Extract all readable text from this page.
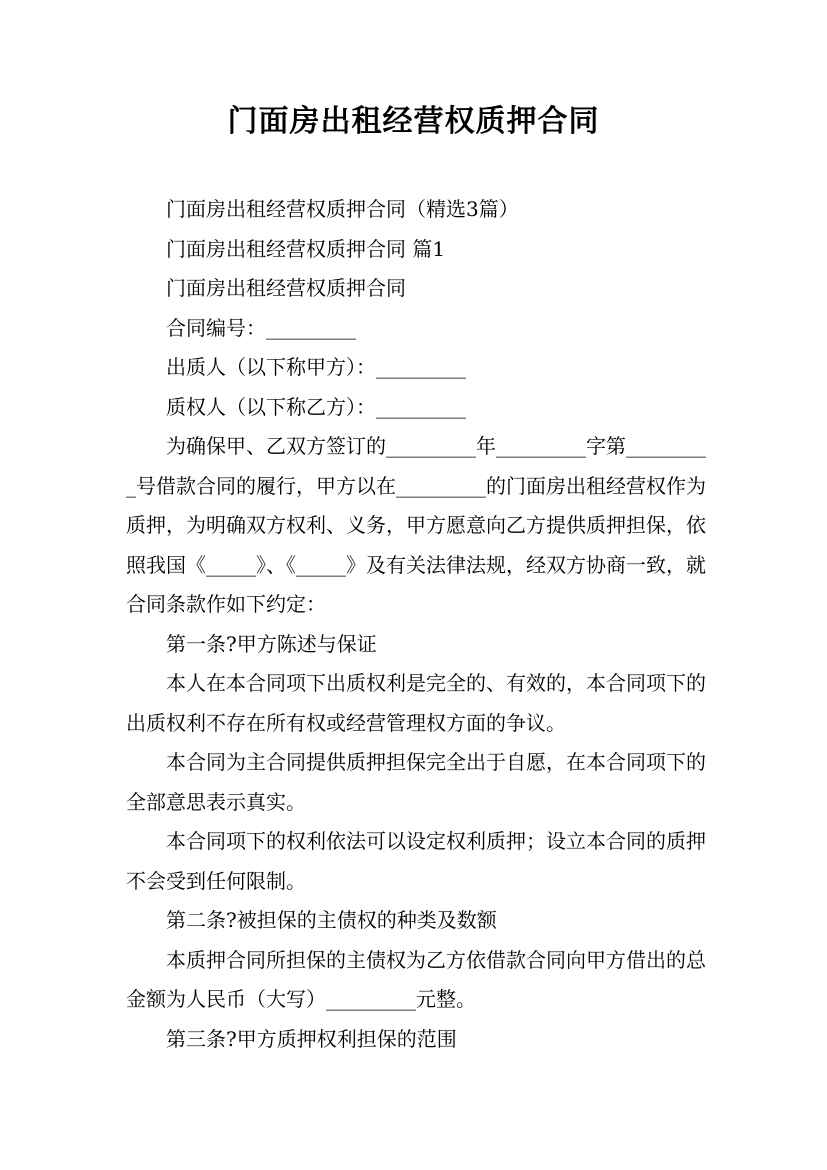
门面房出租经营权质押合同

门面房出租经营权质押合同（精选3篇）

门面房出租经营权质押合同 篇1

门面房出租经营权质押合同

合同编号：_________

出质人（以下称甲方）：_________

质权人（以下称乙方）：_________

为确保甲、乙双方签订的_________年_________字第_________号借款合同的履行，甲方以在_________的门面房出租经营权作为质押，为明确双方权利、义务，甲方愿意向乙方提供质押担保，依照我国《_____》、《_____》及有关法律法规，经双方协商一致，就合同条款作如下约定：

第一条?甲方陈述与保证

本人在本合同项下出质权利是完全的、有效的，本合同项下的出质权利不存在所有权或经营管理权方面的争议。

本合同为主合同提供质押担保完全出于自愿，在本合同项下的全部意思表示真实。

本合同项下的权利依法可以设定权利质押；设立本合同的质押不会受到任何限制。

第二条?被担保的主债权的种类及数额

本质押合同所担保的主债权为乙方依借款合同向甲方借出的总金额为人民币（大写）_________元整。

第三条?甲方质押权利担保的范围
